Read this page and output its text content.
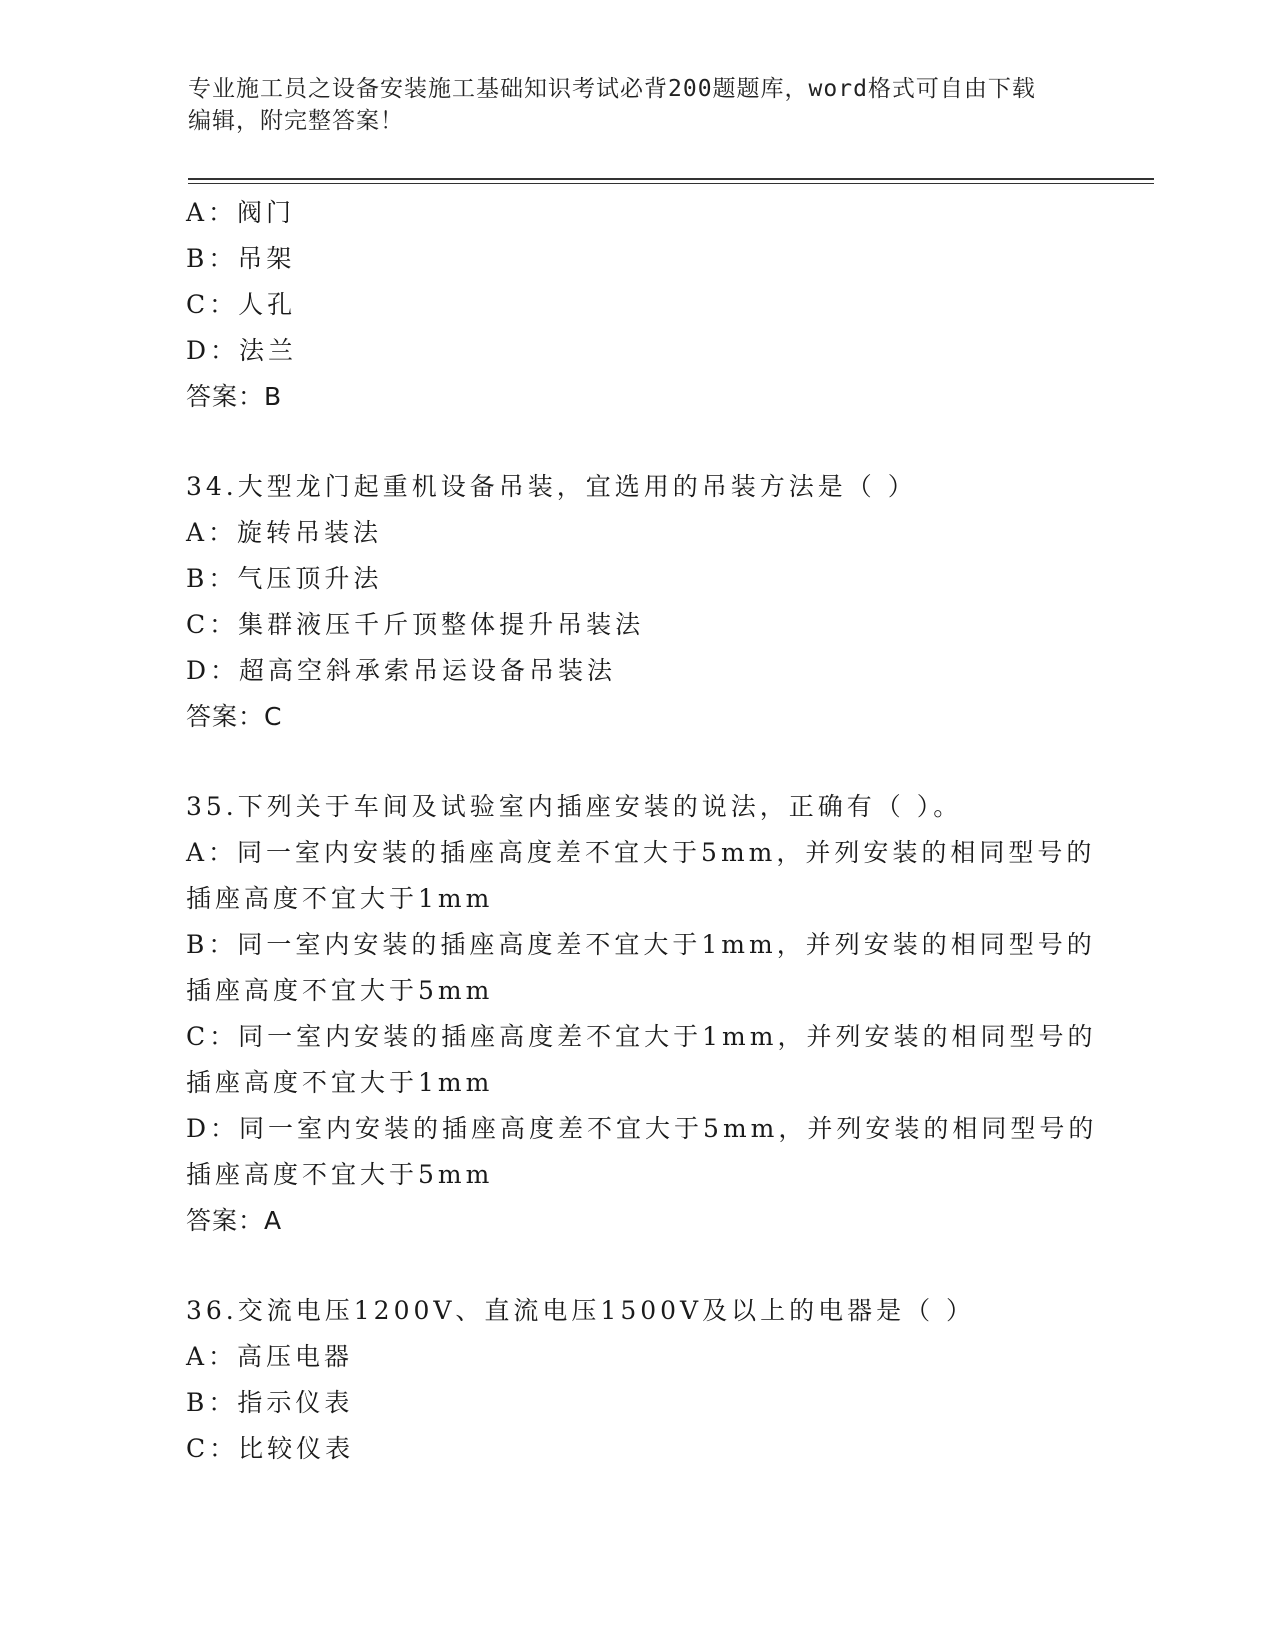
专业施工员之设备安装施工基础知识考试必背200题题库，word格式可自由下载
编辑，附完整答案！
A：阀门
B：吊架
C：人孔
D：法兰
答案：B
34.大型龙门起重机设备吊装，宜选用的吊装方法是（ ）
A：旋转吊装法
B：气压顶升法
C：集群液压千斤顶整体提升吊装法
D：超高空斜承索吊运设备吊装法
答案：C
35.下列关于车间及试验室内插座安装的说法，正确有（ ）。
A：同一室内安装的插座高度差不宜大于5mm，并列安装的相同型号的
插座高度不宜大于1mm
B：同一室内安装的插座高度差不宜大于1mm，并列安装的相同型号的
插座高度不宜大于5mm
C：同一室内安装的插座高度差不宜大于1mm，并列安装的相同型号的
插座高度不宜大于1mm
D：同一室内安装的插座高度差不宜大于5mm，并列安装的相同型号的
插座高度不宜大于5mm
答案：A
36.交流电压1200V、直流电压1500V及以上的电器是（ ）
A：高压电器
B：指示仪表
C：比较仪表
